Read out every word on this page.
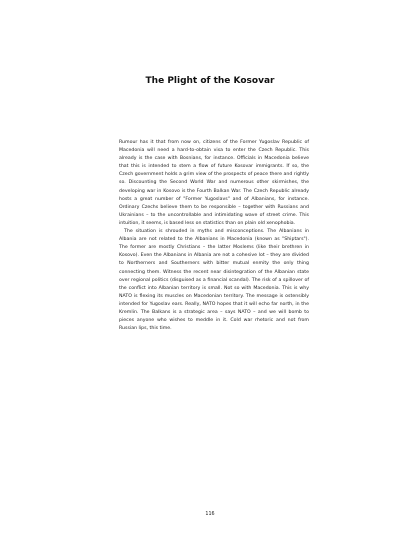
The Plight of the Kosovar

Rumour has it that from now on, citizens of the Former Yugoslav Republic of Macedonia will need a hard-to-obtain visa to enter the Czech Republic. This already is the case with Bosnians, for instance. Officials in Macedonia believe that this is intended to stem a flow of future Kosovar immigrants. If so, the Czech government holds a grim view of the prospects of peace there and rightly so. Discounting the Second World War and numerous other skirmishes, the developing war in Kosovo is the Fourth Balkan War. The Czech Republic already hosts a great number of "Former Yugoslavs" and of Albanians, for instance. Ordinary Czechs believe them to be responsible – together with Russians and Ukrainians – to the uncontrollable and intimidating wave of street crime. This intuition, it seems, is based less on statistics than on plain old xenophobia.

The situation is shrouded in myths and misconceptions. The Albanians in Albania are not related to the Albanians in Macedonia (known as "Shiptars"). The former are mostly Christians – the latter Moslems (like their brethren in Kosovo). Even the Albanians in Albania are not a cohesive lot – they are divided to Northerners and Southerners with bitter mutual enmity the only thing connecting them. Witness the recent near disintegration of the Albanian state over regional politics (disguised as a financial scandal). The risk of a spillover of the conflict into Albanian territory is small. Not so with Macedonia. This is why NATO is flexing its muscles on Macedonian territory. The message is ostensibly intended for Yugoslav ears. Really, NATO hopes that it will echo far north, in the Kremlin. The Balkans is a strategic area – says NATO – and we will bomb to pieces anyone who wishes to meddle in it. Cold war rhetoric and not from Russian lips, this time.

116
